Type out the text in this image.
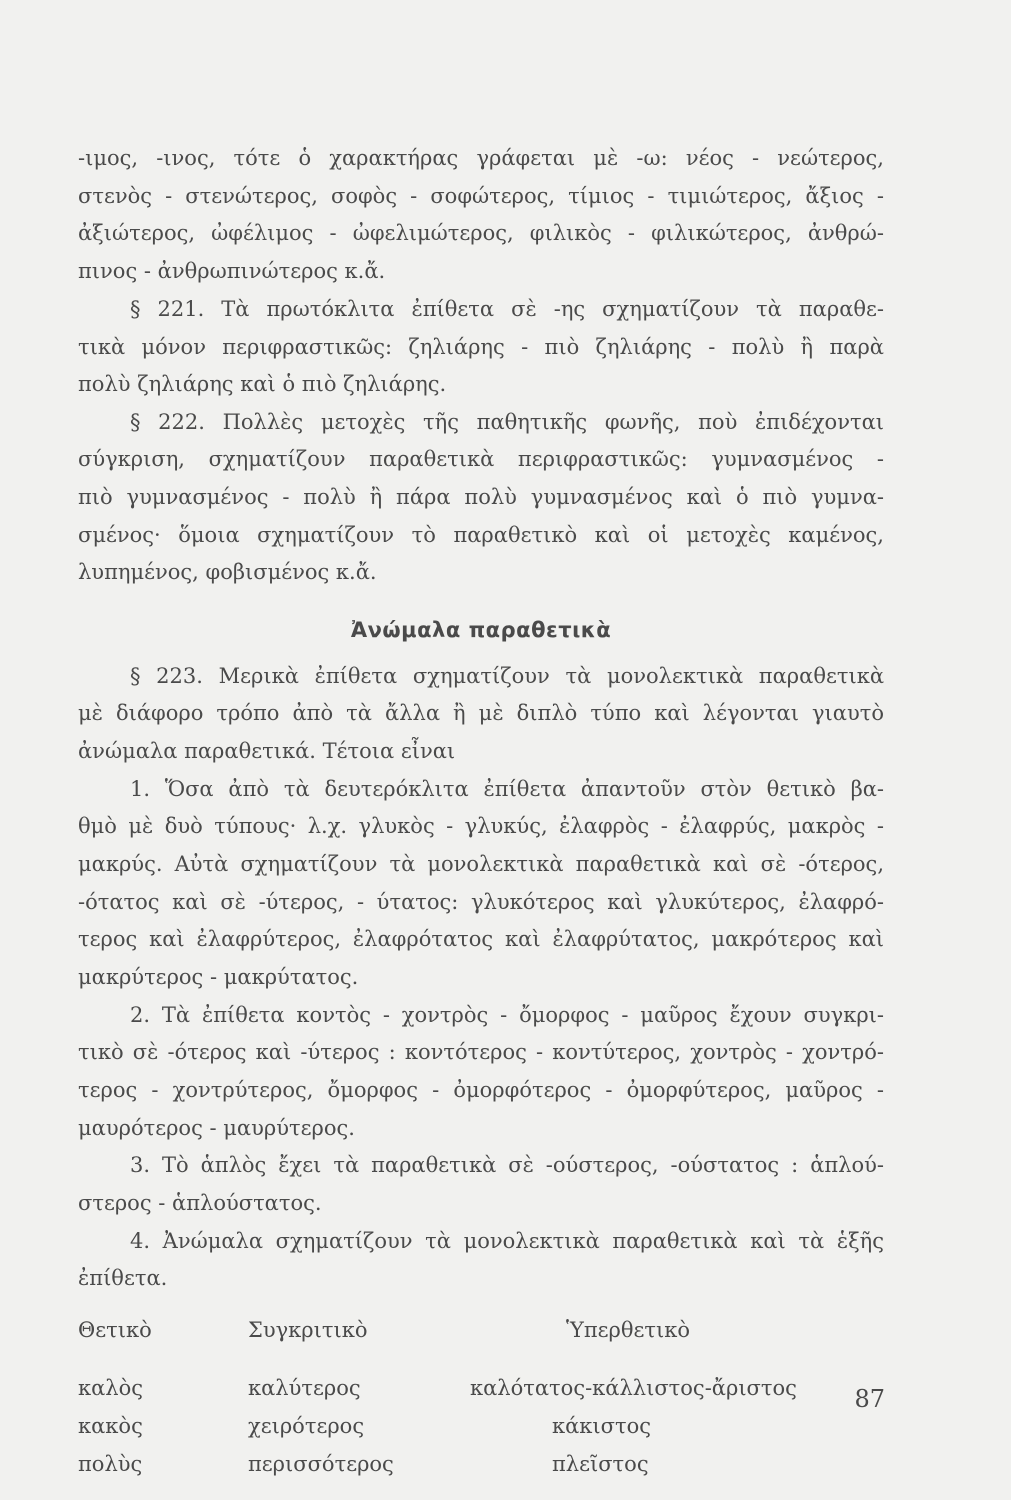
-ιμος, -ινος, τότε ὁ χαρακτήρας γράφεται μὲ -ω: νέος - νεώτερος,
στενὸς - στενώτερος, σοφὸς - σοφώτερος, τίμιος - τιμιώτερος, ἄξιος -
ἀξιώτερος, ὠφέλιμος - ὠφελιμώτερος, φιλικὸς - φιλικώτερος, ἀνθρώ-
πινος - ἀνθρωπινώτερος κ.ἄ.
§ 221. Τὰ πρωτόκλιτα ἐπίθετα σὲ -ης σχηματίζουν τὰ παραθε-
τικὰ μόνον περιφραστικῶς: ζηλιάρης - πιὸ ζηλιάρης - πολὺ ἢ παρὰ
πολὺ ζηλιάρης καὶ ὁ πιὸ ζηλιάρης.
§ 222. Πολλὲς μετοχὲς τῆς παθητικῆς φωνῆς, ποὺ ἐπιδέχονται
σύγκριση, σχηματίζουν παραθετικὰ περιφραστικῶς: γυμνασμένος -
πιὸ γυμνασμένος - πολὺ ἢ πάρα πολὺ γυμνασμένος καὶ ὁ πιὸ γυμνα-
σμένος· ὅμοια σχηματίζουν τὸ παραθετικὸ καὶ οἱ μετοχὲς καμένος,
λυπημένος, φοβισμένος κ.ἄ.
Ἀνώμαλα παραθετικὰ
§ 223. Μερικὰ ἐπίθετα σχηματίζουν τὰ μονολεκτικὰ παραθετικὰ
μὲ διάφορο τρόπο ἀπὸ τὰ ἄλλα ἢ μὲ διπλὸ τύπο καὶ λέγονται γιαυτὸ
ἀνώμαλα παραθετικά. Τέτοια εἶναι
1. Ὅσα ἀπὸ τὰ δευτερόκλιτα ἐπίθετα ἀπαντοῦν στὸν θετικὸ βα-
θμὸ μὲ δυὸ τύπους· λ.χ. γλυκὸς - γλυκύς, ἐλαφρὸς - ἐλαφρύς, μακρὸς -
μακρύς. Αὐτὰ σχηματίζουν τὰ μονολεκτικὰ παραθετικὰ καὶ σὲ -ότερος,
-ότατος καὶ σὲ -ύτερος, - ύτατος: γλυκότερος καὶ γλυκύτερος, ἐλαφρό-
τερος καὶ ἐλαφρύτερος, ἐλαφρότατος καὶ ἐλαφρύτατος, μακρότερος καὶ
μακρύτερος - μακρύτατος.
2. Τὰ ἐπίθετα κοντὸς - χοντρὸς - ὄμορφος - μαῦρος ἔχουν συγκρι-
τικὸ σὲ -ότερος καὶ -ύτερος : κοντότερος - κοντύτερος, χοντρὸς - χοντρό-
τερος - χοντρύτερος, ὄμορφος - ὀμορφότερος - ὀμορφύτερος, μαῦρος -
μαυρότερος - μαυρύτερος.
3. Τὸ ἁπλὸς ἔχει τὰ παραθετικὰ σὲ -ούστερος, -ούστατος : ἁπλού-
στερος - ἁπλούστατος.
4. Ἀνώμαλα σχηματίζουν τὰ μονολεκτικὰ παραθετικὰ καὶ τὰ ἑξῆς
ἐπίθετα.
Θετικὸ	Συγκριτικὸ	Ὑπερθετικὸ
καλὸς	καλύτερος	καλότατος-κάλλιστος-ἄριστος
κακὸς	χειρότερος	κάκιστος
πολὺς	περισσότερος	πλεῖστος
87
